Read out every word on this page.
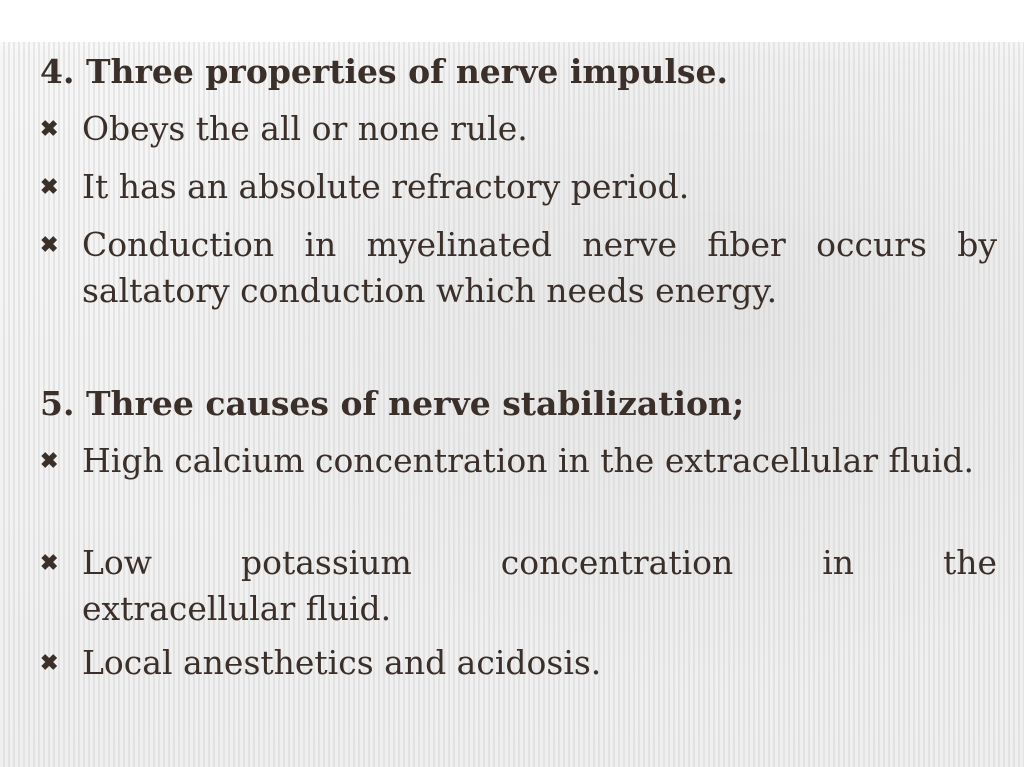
4. Three properties of nerve impulse.
✖ Obeys the all or none rule.
✖ It has an absolute refractory period.
✖ Conduction in myelinated nerve fiber occurs by saltatory conduction which needs energy.
5. Three causes of nerve stabilization;
✖ High calcium concentration in the extracellular fluid.
✖ Low	potassium	concentration	in	the
extracellular fluid.
✖ Local anesthetics and acidosis.
